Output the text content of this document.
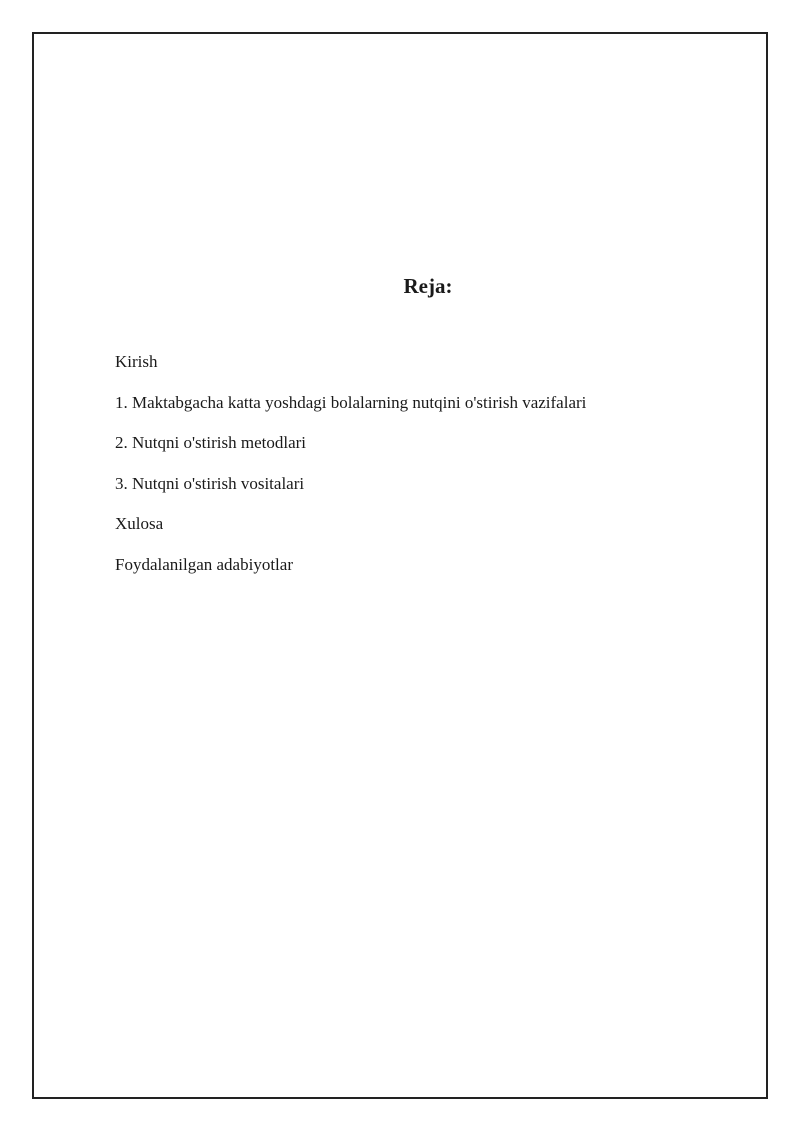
Reja:
Kirish
1. Maktabgacha katta yoshdagi bolalarning nutqini o'stirish vazifalari
2. Nutqni o'stirish metodlari
3. Nutqni o'stirish vositalari
Xulosa
Foydalanilgan adabiyotlar
